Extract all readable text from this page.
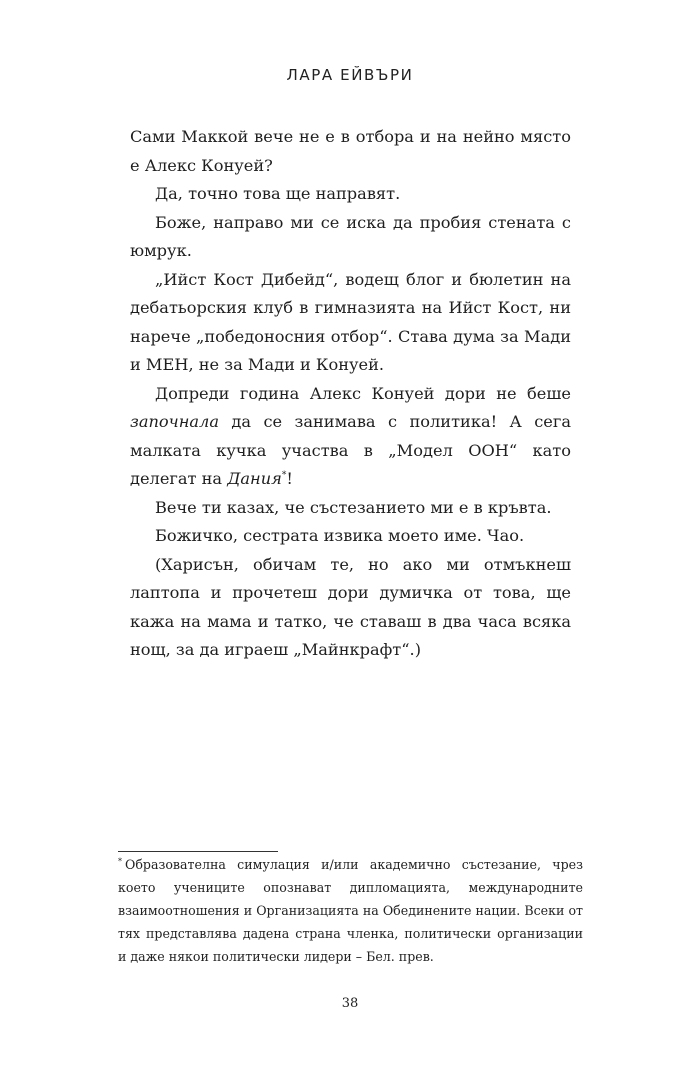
ЛАРА ЕЙВЪРИ

Сами Маккой вече не е в отбора и на нейно място е Алекс Конуей?

Да, точно това ще направят.

Боже, направо ми се иска да пробия стената с юмрук.

„Ийст Кост Дибейд“, водещ блог и бюлетин на дебатьорския клуб в гимназията на Ийст Кост, ни нарече „победоносния отбор“. Става дума за Мади и МЕН, не за Мади и Конуей.

Допреди година Алекс Конуей дори не беше започнала да се занимава с политика! А сега малката кучка участва в „Модел ООН“ като делегат на Дания*!

Вече ти казах, че състезанието ми е в кръвта.

Божичко, сестрата извика моето име. Чао.

(Харисън, обичам те, но ако ми отмъкнеш лаптопа и прочетеш дори думичка от това, ще кажа на мама и татко, че ставаш в два часа всяка нощ, за да играеш „Майнкрафт“.)

* Образователна симулация и/или академично състезание, чрез което учениците опознават дипломацията, международните взаимоотношения и Организацията на Обединените нации. Всеки от тях представлява дадена страна членка, политически организации и даже някои политически лидери – Бел. прев.
38
